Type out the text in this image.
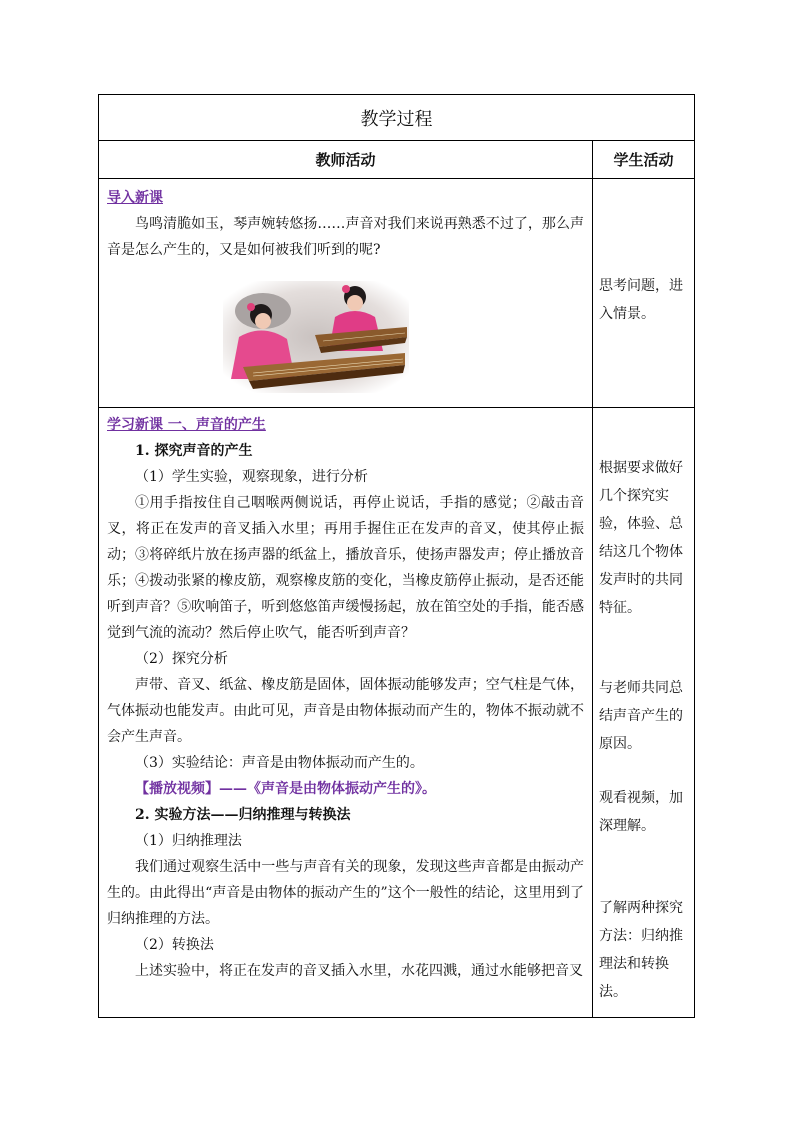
教学过程
教师活动	学生活动
导入新课

鸟鸣清脆如玉，琴声婉转悠扬……声音对我们来说再熟悉不过了，那么声音是怎么产生的，又是如何被我们听到的呢?

思考问题，进入情景。

学习新课 一、声音的产生

1. 探究声音的产生

（1）学生实验，观察现象，进行分析

①用手指按住自己咽喉两侧说话，再停止说话，手指的感觉；②敲击音叉，将正在发声的音叉插入水里；再用手握住正在发声的音叉，使其停止振动；③将碎纸片放在扬声器的纸盆上，播放音乐，使扬声器发声；停止播放音乐；④拨动张紧的橡皮筋，观察橡皮筋的变化，当橡皮筋停止振动，是否还能听到声音？⑤吹响笛子，听到悠悠笛声缓慢扬起，放在笛空处的手指，能否感觉到气流的流动？然后停止吹气，能否听到声音？

（2）探究分析

声带、音叉、纸盆、橡皮筋是固体，固体振动能够发声；空气柱是气体，气体振动也能发声。由此可见，声音是由物体振动而产生的，物体不振动就不会产生声音。

（3）实验结论：声音是由物体振动而产生的。

【播放视频】——《声音是由物体振动产生的》。

2. 实验方法——归纳推理与转换法

（1）归纳推理法

我们通过观察生活中一些与声音有关的现象，发现这些声音都是由振动产生的。由此得出“声音是由物体的振动产生的”这个一般性的结论，这里用到了归纳推理的方法。

（2）转换法

上述实验中，将正在发声的音叉插入水里，水花四溅，通过水能够把音叉

根据要求做好几个探究实验，体验、总结这几个物体发声时的共同特征。

与老师共同总结声音产生的原因。

观看视频，加深理解。

了解两种探究方法：归纳推理法和转换法。
